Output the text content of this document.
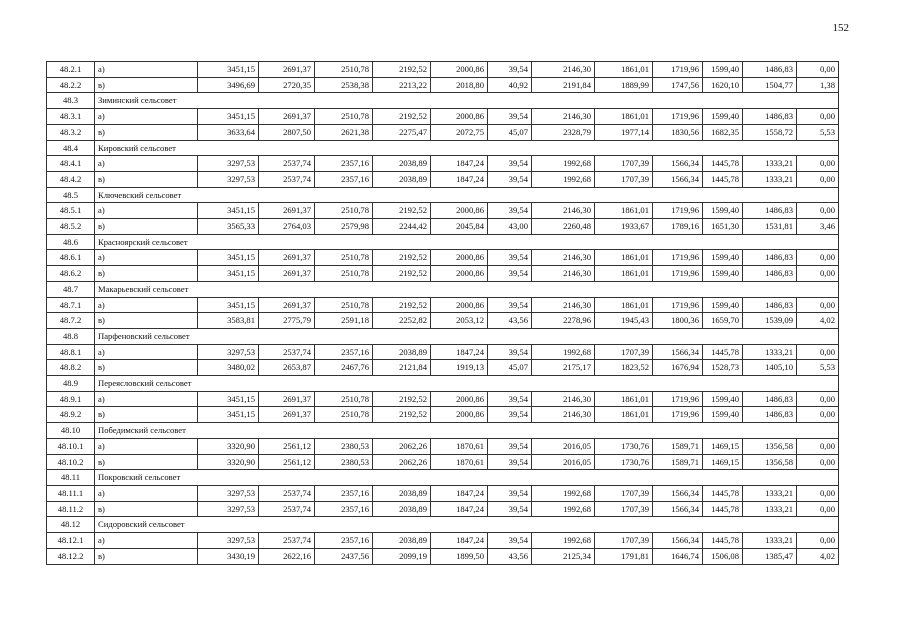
152
48.2.1	а)	3451,15	2691,37	2510,78	2192,52	2000,86	39,54	2146,30	1861,01	1719,96	1599,40	1486,83	0,00
48.2.2	в)	3496,69	2720,35	2538,38	2213,22	2018,80	40,92	2191,84	1889,99	1747,56	1620,10	1504,77	1,38
48.3	Зиминский сельсовет												
48.3.1	а)	3451,15	2691,37	2510,78	2192,52	2000,86	39,54	2146,30	1861,01	1719,96	1599,40	1486,83	0,00
48.3.2	в)	3633,64	2807,50	2621,38	2275,47	2072,75	45,07	2328,79	1977,14	1830,56	1682,35	1558,72	5,53
48.4	Кировский сельсовет												
48.4.1	а)	3297,53	2537,74	2357,16	2038,89	1847,24	39,54	1992,68	1707,39	1566,34	1445,78	1333,21	0,00
48.4.2	в)	3297,53	2537,74	2357,16	2038,89	1847,24	39,54	1992,68	1707,39	1566,34	1445,78	1333,21	0,00
48.5	Ключевский сельсовет												
48.5.1	а)	3451,15	2691,37	2510,78	2192,52	2000,86	39,54	2146,30	1861,01	1719,96	1599,40	1486,83	0,00
48.5.2	в)	3565,33	2764,03	2579,98	2244,42	2045,84	43,00	2260,48	1933,67	1789,16	1651,30	1531,81	3,46
48.6	Красноярский сельсовет												
48.6.1	а)	3451,15	2691,37	2510,78	2192,52	2000,86	39,54	2146,30	1861,01	1719,96	1599,40	1486,83	0,00
48.6.2	в)	3451,15	2691,37	2510,78	2192,52	2000,86	39,54	2146,30	1861,01	1719,96	1599,40	1486,83	0,00
48.7	Макарьевский сельсовет												
48.7.1	а)	3451,15	2691,37	2510,78	2192,52	2000,86	39,54	2146,30	1861,01	1719,96	1599,40	1486,83	0,00
48.7.2	в)	3583,81	2775,79	2591,18	2252,82	2053,12	43,56	2278,96	1945,43	1800,36	1659,70	1539,09	4,02
48.8	Парфеновский сельсовет												
48.8.1	а)	3297,53	2537,74	2357,16	2038,89	1847,24	39,54	1992,68	1707,39	1566,34	1445,78	1333,21	0,00
48.8.2	в)	3480,02	2653,87	2467,76	2121,84	1919,13	45,07	2175,17	1823,52	1676,94	1528,73	1405,10	5,53
48.9	Переясловский сельсовет												
48.9.1	а)	3451,15	2691,37	2510,78	2192,52	2000,86	39,54	2146,30	1861,01	1719,96	1599,40	1486,83	0,00
48.9.2	в)	3451,15	2691,37	2510,78	2192,52	2000,86	39,54	2146,30	1861,01	1719,96	1599,40	1486,83	0,00
48.10	Победимский сельсовет												
48.10.1	а)	3320,90	2561,12	2380,53	2062,26	1870,61	39,54	2016,05	1730,76	1589,71	1469,15	1356,58	0,00
48.10.2	в)	3320,90	2561,12	2380,53	2062,26	1870,61	39,54	2016,05	1730,76	1589,71	1469,15	1356,58	0,00
48.11	Покровский сельсовет												
48.11.1	а)	3297,53	2537,74	2357,16	2038,89	1847,24	39,54	1992,68	1707,39	1566,34	1445,78	1333,21	0,00
48.11.2	в)	3297,53	2537,74	2357,16	2038,89	1847,24	39,54	1992,68	1707,39	1566,34	1445,78	1333,21	0,00
48.12	Сидоровский сельсовет												
48.12.1	а)	3297,53	2537,74	2357,16	2038,89	1847,24	39,54	1992,68	1707,39	1566,34	1445,78	1333,21	0,00
48.12.2	в)	3430,19	2622,16	2437,56	2099,19	1899,50	43,56	2125,34	1791,81	1646,74	1506,08	1385,47	4,02
